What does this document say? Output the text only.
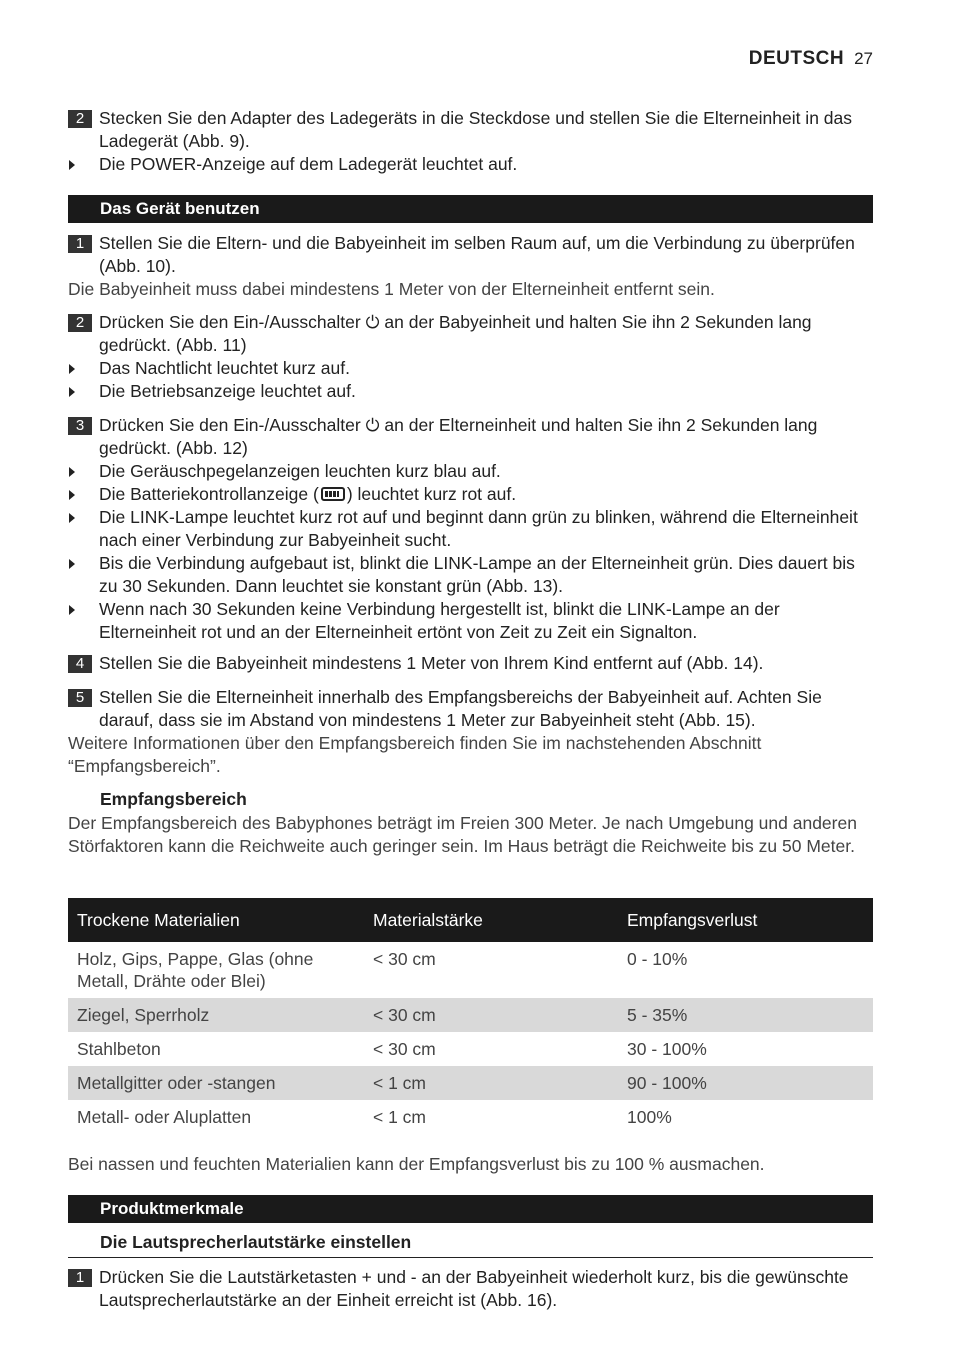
DEUTSCH 27
2 Stecken Sie den Adapter des Ladegeräts in die Steckdose und stellen Sie die Elterneinheit in das Ladegerät (Abb. 9).
Die POWER-Anzeige auf dem Ladegerät leuchtet auf.
Das Gerät benutzen
1 Stellen Sie die Eltern- und die Babyeinheit im selben Raum auf, um die Verbindung zu überprüfen (Abb. 10).
Die Babyeinheit muss dabei mindestens 1 Meter von der Elterneinheit entfernt sein.
2 Drücken Sie den Ein-/Ausschalter ⏻ an der Babyeinheit und halten Sie ihn 2 Sekunden lang gedrückt. (Abb. 11)
Das Nachtlicht leuchtet kurz auf.
Die Betriebsanzeige leuchtet auf.
3 Drücken Sie den Ein-/Ausschalter ⏻ an der Elterneinheit und halten Sie ihn 2 Sekunden lang gedrückt. (Abb. 12)
Die Geräuschpegelanzeigen leuchten kurz blau auf.
Die Batteriekontrollanzeige ( ) leuchtet kurz rot auf.
Die LINK-Lampe leuchtet kurz rot auf und beginnt dann grün zu blinken, während die Elterneinheit nach einer Verbindung zur Babyeinheit sucht.
Bis die Verbindung aufgebaut ist, blinkt die LINK-Lampe an der Elterneinheit grün. Dies dauert bis zu 30 Sekunden. Dann leuchtet sie konstant grün (Abb. 13).
Wenn nach 30 Sekunden keine Verbindung hergestellt ist, blinkt die LINK-Lampe an der Elterneinheit rot und an der Elterneinheit ertönt von Zeit zu Zeit ein Signalton.
4 Stellen Sie die Babyeinheit mindestens 1 Meter von Ihrem Kind entfernt auf (Abb. 14).
5 Stellen Sie die Elterneinheit innerhalb des Empfangsbereichs der Babyeinheit auf. Achten Sie darauf, dass sie im Abstand von mindestens 1 Meter zur Babyeinheit steht (Abb. 15).
Weitere Informationen über den Empfangsbereich finden Sie im nachstehenden Abschnitt “Empfangsbereich”.
Empfangsbereich
Der Empfangsbereich des Babyphones beträgt im Freien 300 Meter. Je nach Umgebung und anderen Störfaktoren kann die Reichweite auch geringer sein. Im Haus beträgt die Reichweite bis zu 50 Meter.
Trockene Materialien	Materialstärke	Empfangsverlust
Holz, Gips, Pappe, Glas (ohne Metall, Drähte oder Blei)	< 30 cm	0 - 10%
Ziegel, Sperrholz	< 30 cm	5 - 35%
Stahlbeton	< 30 cm	30 - 100%
Metallgitter oder -stangen	< 1 cm	90 - 100%
Metall- oder Aluplatten	< 1 cm	100%
Bei nassen und feuchten Materialien kann der Empfangsverlust bis zu 100 % ausmachen.
Produktmerkmale
Die Lautsprecherlautstärke einstellen
1 Drücken Sie die Lautstärketasten + und - an der Babyeinheit wiederholt kurz, bis die gewünschte Lautsprecherlautstärke an der Einheit erreicht ist (Abb. 16).
